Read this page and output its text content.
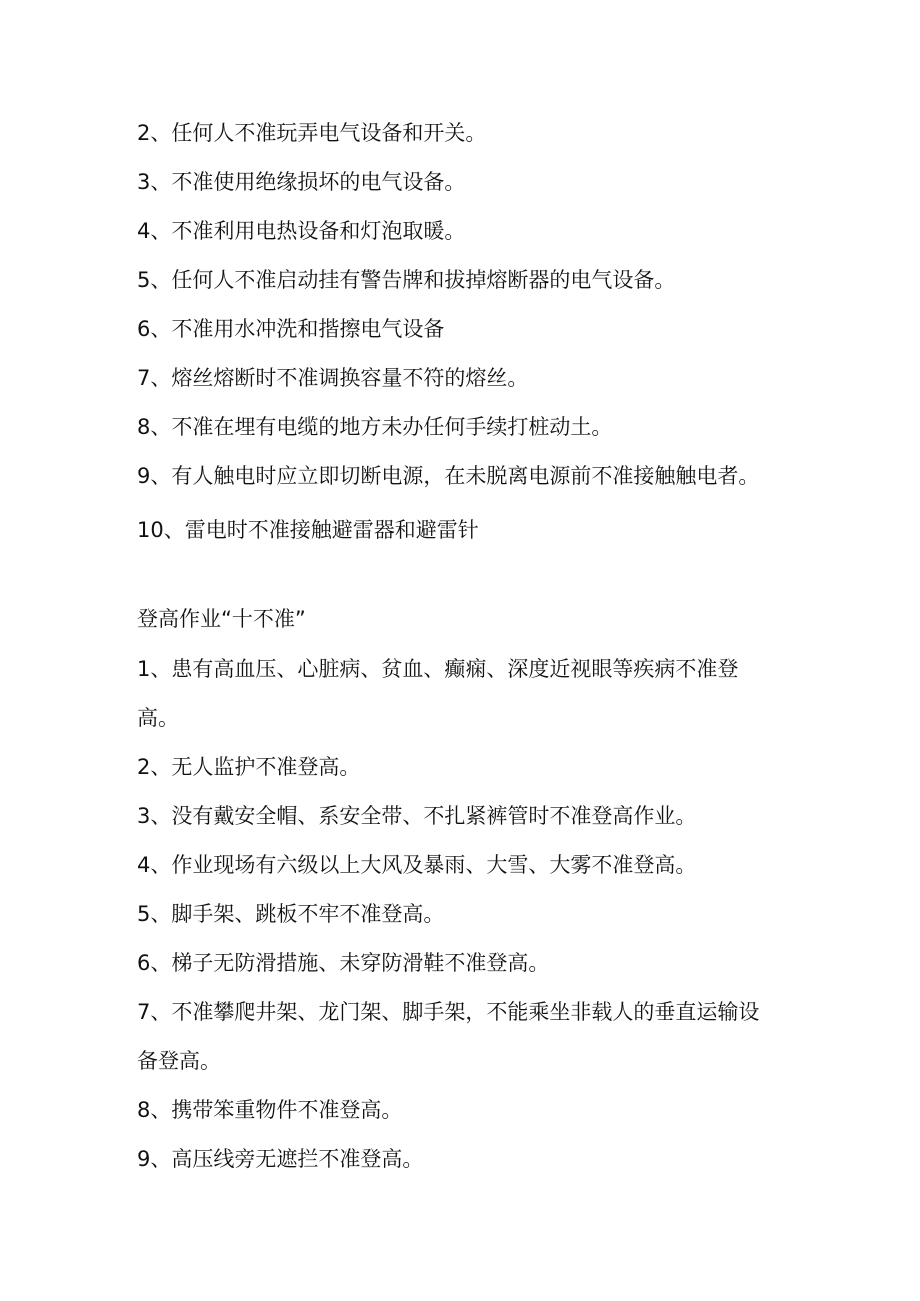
2、任何人不准玩弄电气设备和开关。
3、不准使用绝缘损坏的电气设备。
4、不准利用电热设备和灯泡取暖。
5、任何人不准启动挂有警告牌和拔掉熔断器的电气设备。
6、不准用水冲洗和揩擦电气设备
7、熔丝熔断时不准调换容量不符的熔丝。
8、不准在埋有电缆的地方未办任何手续打桩动土。
9、有人触电时应立即切断电源，在未脱离电源前不准接触触电者。
10、雷电时不准接触避雷器和避雷针
登高作业“十不准”
1、患有高血压、心脏病、贫血、癫痫、深度近视眼等疾病不准登
高。
2、无人监护不准登高。
3、没有戴安全帽、系安全带、不扎紧裤管时不准登高作业。
4、作业现场有六级以上大风及暴雨、大雪、大雾不准登高。
5、脚手架、跳板不牢不准登高。
6、梯子无防滑措施、未穿防滑鞋不准登高。
7、不准攀爬井架、龙门架、脚手架，不能乘坐非载人的垂直运输设
备登高。
8、携带笨重物件不准登高。
9、高压线旁无遮拦不准登高。
